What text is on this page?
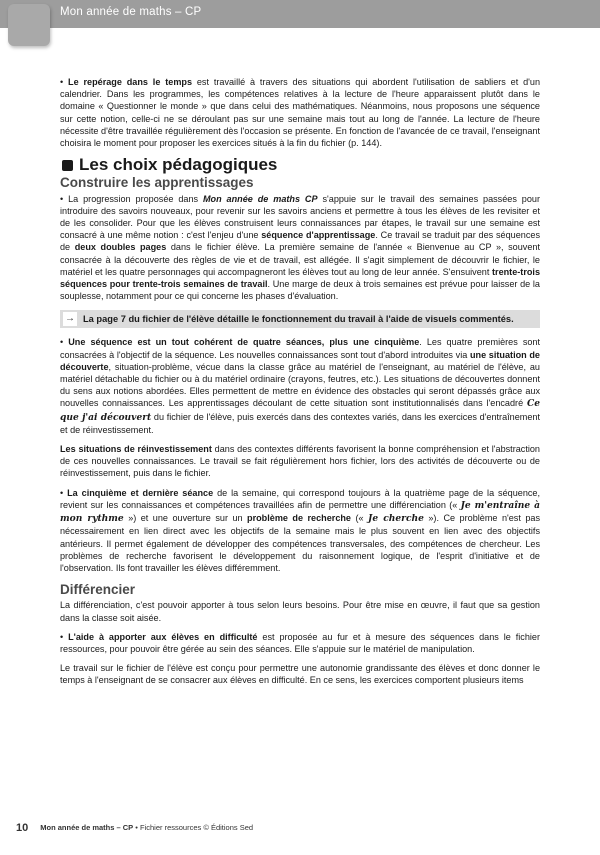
Mon année de maths – CP

• Le repérage dans le temps est travaillé à travers des situations qui abordent l'utilisation de sabliers et d'un calendrier. Dans les programmes, les compétences relatives à la lecture de l'heure apparaissent plutôt dans le domaine « Questionner le monde » que dans celui des mathématiques. Néanmoins, nous proposons une séquence sur cette notion, celle-ci ne se déroulant pas sur une semaine mais tout au long de l'année. La lecture de l'heure nécessite d'être travaillée régulièrement dès l'occasion se présente. En fonction de l'avancée de ce travail, l'enseignant choisira le moment pour proposer les exercices situés à la fin du fichier (p. 144).

Les choix pédagogiques
Construire les apprentissages

• La progression proposée dans Mon année de maths CP s'appuie sur le travail des semaines passées pour introduire des savoirs nouveaux, pour revenir sur les savoirs anciens et permettre à tous les élèves de les revisiter et de les consolider. Pour que les élèves construisent leurs connaissances par étapes, le travail sur une semaine est consacré à une même notion : c'est l'enjeu d'une séquence d'apprentissage. Ce travail se traduit par des séquences de deux doubles pages dans le fichier élève. La première semaine de l'année « Bienvenue au CP », souvent consacrée à la découverte des règles de vie et de travail, est allégée. Il s'agit simplement de découvrir le fichier, le matériel et les quatre personnages qui accompagneront les élèves tout au long de leur année. S'ensuivent trente-trois séquences pour trente-trois semaines de travail. Une marge de deux à trois semaines est prévue pour laisser de la souplesse, notamment pour ce qui concerne les phases d'évaluation.

→ La page 7 du fichier de l'élève détaille le fonctionnement du travail à l'aide de visuels commentés.

• Une séquence est un tout cohérent de quatre séances, plus une cinquième. Les quatre premières sont consacrées à l'objectif de la séquence. Les nouvelles connaissances sont tout d'abord introduites via une situation de découverte, situation-problème, vécue dans la classe grâce au matériel de l'enseignant, au matériel de l'élève, au matériel détachable du fichier ou à du matériel ordinaire (crayons, feutres, etc.). Les situations de découvertes donnent du sens aux notions abordées. Elles permettent de mettre en évidence des obstacles qui seront dépassés grâce aux nouvelles connaissances. Les apprentissages découlant de cette situation sont institutionnalisés dans l'encadré Ce que j'ai découvert du fichier de l'élève, puis exercés dans des contextes variés, dans les exercices d'entraînement et de réinvestissement.

Les situations de réinvestissement dans des contextes différents favorisent la bonne compréhension et l'abstraction de ces nouvelles connaissances. Le travail se fait régulièrement hors fichier, lors des activités de découverte ou de réinvestissement, puis dans le fichier.

• La cinquième et dernière séance de la semaine, qui correspond toujours à la quatrième page de la séquence, revient sur les connaissances et compétences travaillées afin de permettre une différenciation (« Je m'entraîne à mon rythme ») et une ouverture sur un problème de recherche (« Je cherche »). Ce problème n'est pas nécessairement en lien direct avec les objectifs de la semaine mais le plus souvent en lien avec des objectifs antérieurs. Il permet également de développer des compétences transversales, des compétences de chercheur. Les problèmes de recherche favorisent le développement du raisonnement logique, de l'esprit d'initiative et de l'observation. Ils font travailler les élèves différemment.

Différencier

La différenciation, c'est pouvoir apporter à tous selon leurs besoins. Pour être mise en œuvre, il faut que sa gestion dans la classe soit aisée.

• L'aide à apporter aux élèves en difficulté est proposée au fur et à mesure des séquences dans le fichier ressources, pour pouvoir être gérée au sein des séances. Elle s'appuie sur le matériel de manipulation.

Le travail sur le fichier de l'élève est conçu pour permettre une autonomie grandissante des élèves et donc donner le temps à l'enseignant de se consacrer aux élèves en difficulté. En ce sens, les exercices comportent plusieurs items

10 Mon année de maths – CP • Fichier ressources © Éditions Sed
